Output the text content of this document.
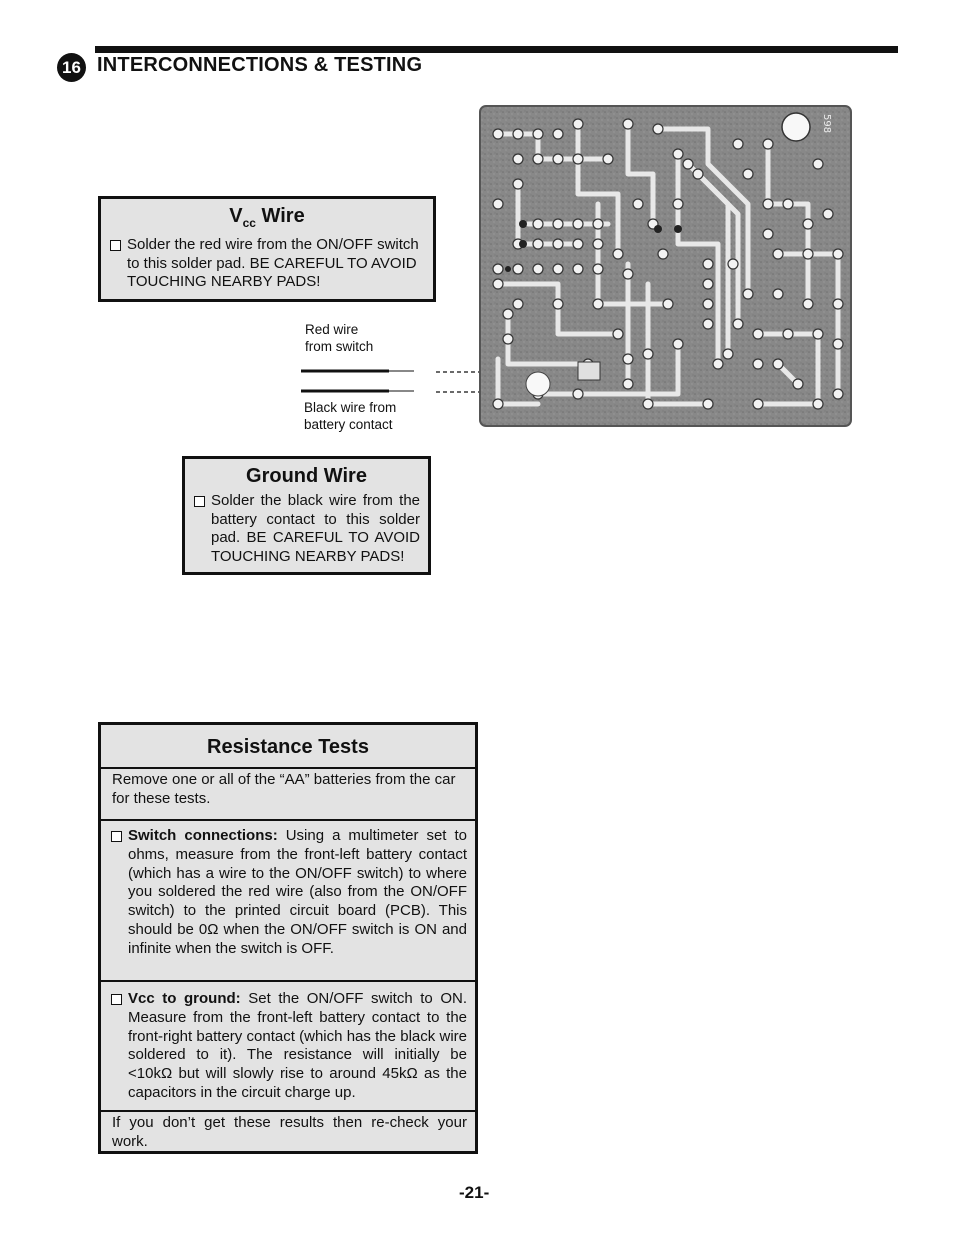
16 INTERCONNECTIONS & TESTING
$V_{cc}$ Wire
Solder the red wire from the ON/OFF switch to this solder pad. BE CAREFUL TO AVOID TOUCHING NEARBY PADS!
Red wire
from switch
Black wire from
battery contact
598
Ground Wire
Solder the black wire from the battery contact to this solder pad. BE CAREFUL TO AVOID TOUCHING NEARBY PADS!
Resistance Tests
Remove one or all of the “AA” batteries from the car for these tests.
Switch connections: Using a multimeter set to ohms, measure from the front-left battery contact (which has a wire to the ON/OFF switch) to where you soldered the red wire (also from the ON/OFF switch) to the printed circuit board (PCB). This should be 0Ω when the ON/OFF switch is ON and infinite when the switch is OFF.
Vcc to ground: Set the ON/OFF switch to ON. Measure from the front-left battery contact to the front-right battery contact (which has the black wire soldered to it). The resistance will initially be <10kΩ but will slowly rise to around 45kΩ as the capacitors in the circuit charge up.
If you don’t get these results then re-check your work.
-21-
